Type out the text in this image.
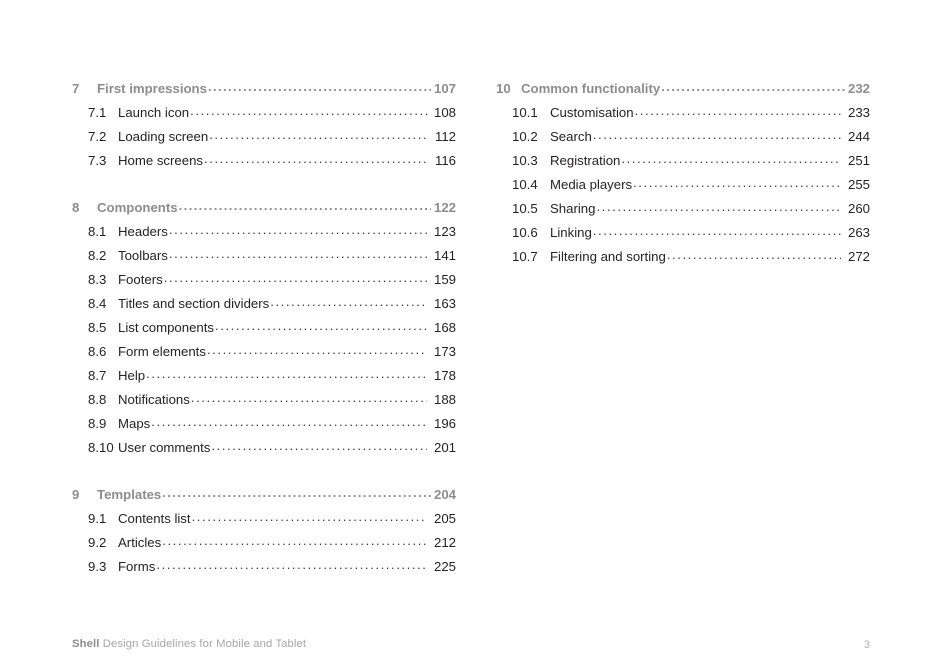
7	First impressions .....	107
7.1 Launch icon .....	108
7.2 Loading screen .....	112
7.3 Home screens .....	116
8	Components .....	122
8.1 Headers .....	123
8.2 Toolbars .....	141
8.3 Footers .....	159
8.4 Titles and section dividers .....	163
8.5 List components .....	168
8.6 Form elements .....	173
8.7 Help .....	178
8.8 Notifications .....	188
8.9 Maps .....	196
8.10 User comments .....	201
9	Templates .....	204
9.1 Contents list .....	205
9.2 Articles .....	212
9.3 Forms .....	225
10 Common functionality .....	232
10.1 Customisation .....	233
10.2 Search .....	244
10.3 Registration .....	251
10.4 Media players .....	255
10.5 Sharing .....	260
10.6 Linking .....	263
10.7 Filtering and sorting .....	272
Shell Design Guidelines for Mobile and Tablet	3
